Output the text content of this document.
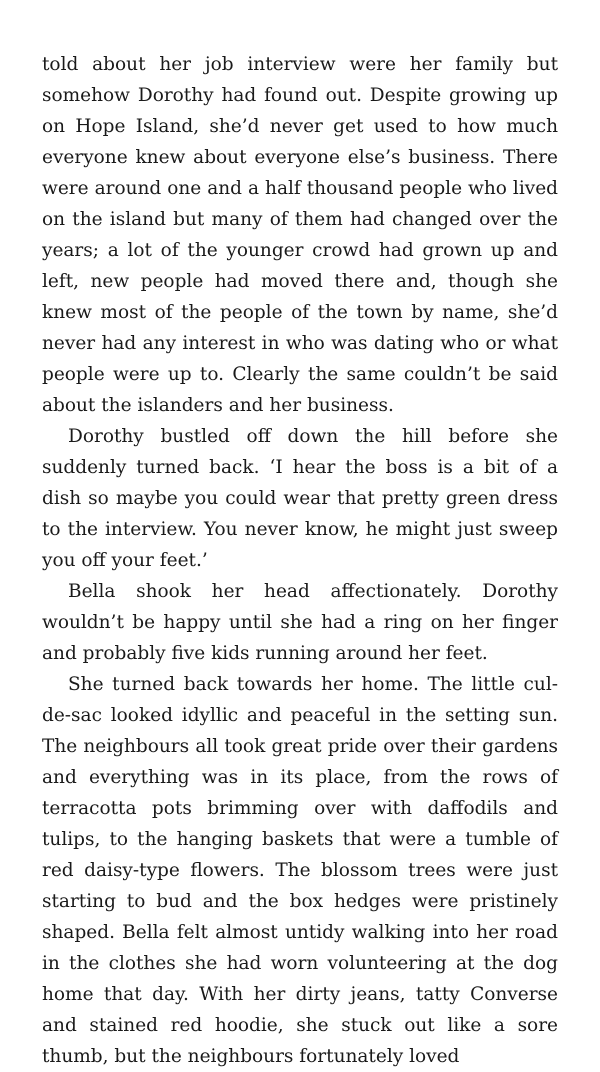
told about her job interview were her family but somehow Dorothy had found out. Despite growing up on Hope Island, she’d never get used to how much everyone knew about everyone else’s business. There were around one and a half thousand people who lived on the island but many of them had changed over the years; a lot of the younger crowd had grown up and left, new people had moved there and, though she knew most of the people of the town by name, she’d never had any interest in who was dating who or what people were up to. Clearly the same couldn’t be said about the islanders and her business.

Dorothy bustled off down the hill before she suddenly turned back. ‘I hear the boss is a bit of a dish so maybe you could wear that pretty green dress to the interview. You never know, he might just sweep you off your feet.’

Bella shook her head affectionately. Dorothy wouldn’t be happy until she had a ring on her finger and probably five kids running around her feet.

She turned back towards her home. The little cul-de-sac looked idyllic and peaceful in the setting sun. The neighbours all took great pride over their gardens and everything was in its place, from the rows of terracotta pots brimming over with daffodils and tulips, to the hanging baskets that were a tumble of red daisy-type flowers. The blossom trees were just starting to bud and the box hedges were pristinely shaped. Bella felt almost untidy walking into her road in the clothes she had worn volunteering at the dog home that day. With her dirty jeans, tatty Converse and stained red hoodie, she stuck out like a sore thumb, but the neighbours fortunately loved
